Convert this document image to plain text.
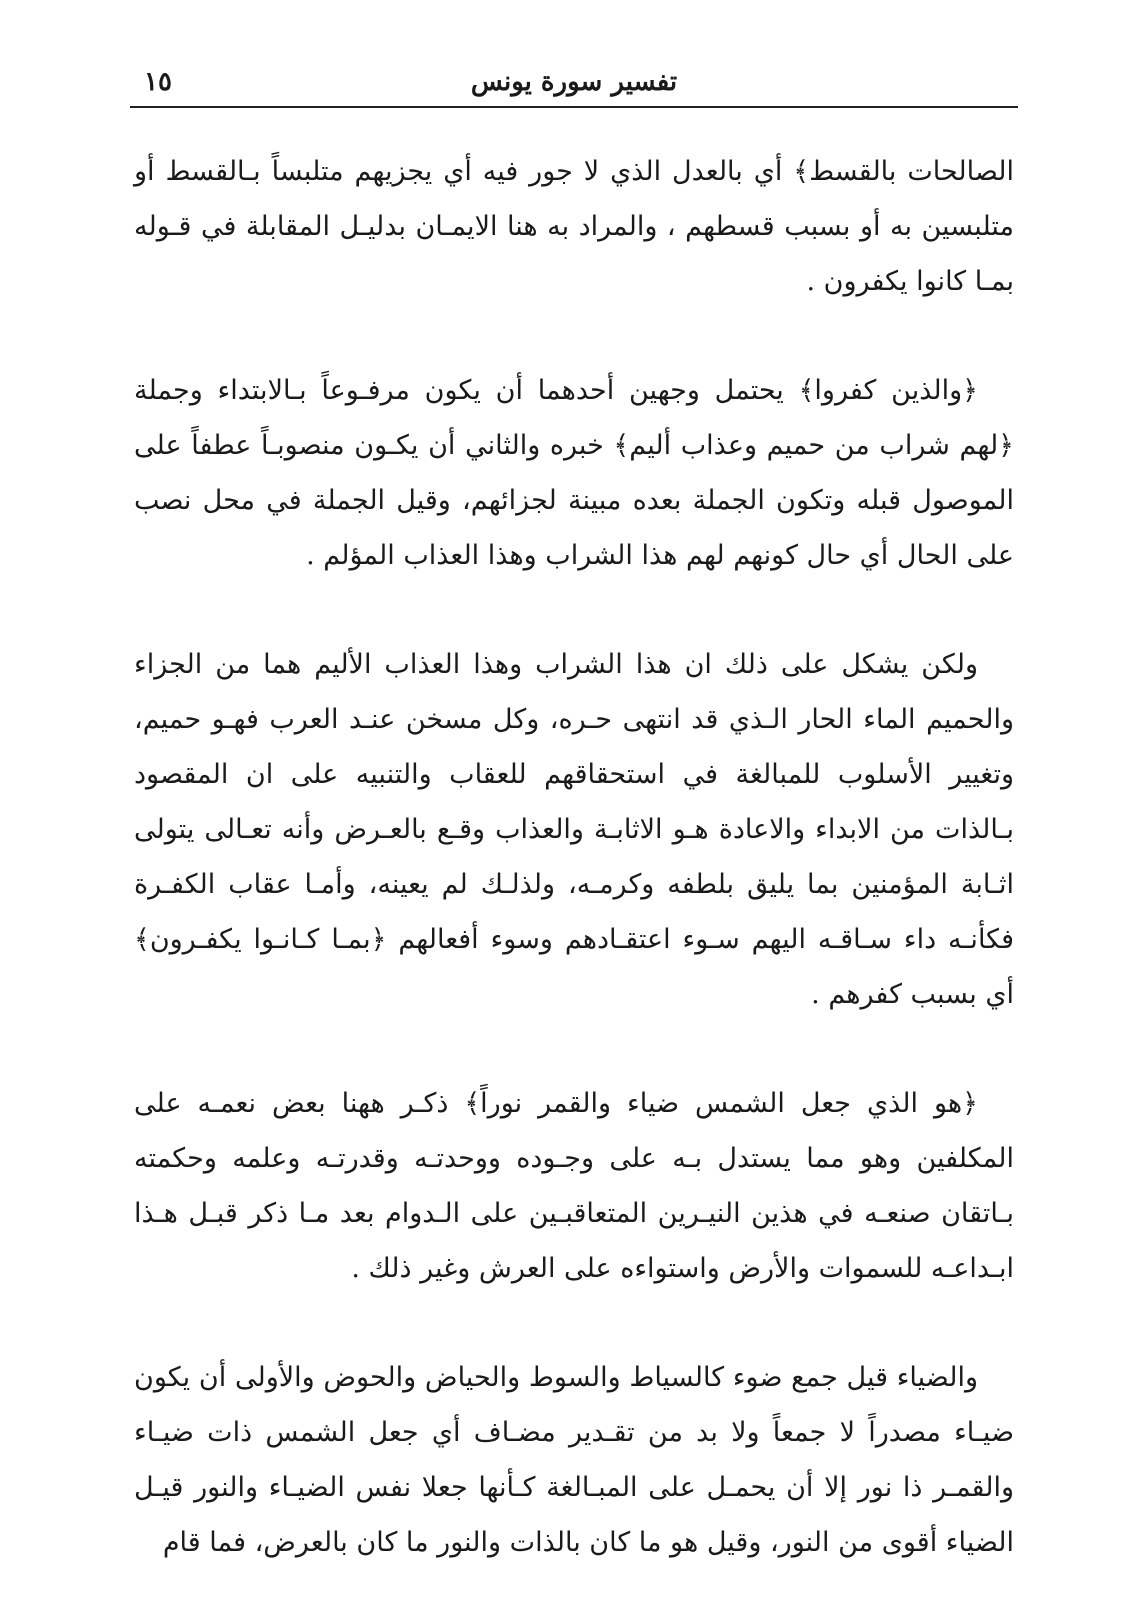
تفسير سورة يونس
١٥

الصالحات بالقسط﴾ أي بالعدل الذي لا جور فيه أي يجزيهم متلبساً بـالقسط أو متلبسين به أو بسبب قسطهم ، والمراد به هنا الايمـان بدليـل المقابلة في قـوله بمـا كانوا يكفرون .

﴿والذين كفروا﴾ يحتمل وجهين أحدهما أن يكون مرفـوعاً بـالابتداء وجملة ﴿لهم شراب من حميم وعذاب أليم﴾ خبره والثاني أن يكـون منصوبـاً عطفاً على الموصول قبله وتكون الجملة بعده مبينة لجزائهم، وقيل الجملة في محل نصب على الحال أي حال كونهم لهم هذا الشراب وهذا العذاب المؤلم .

ولكن يشكل على ذلك ان هذا الشراب وهذا العذاب الأليم هما من الجزاء والحميم الماء الحار الـذي قد انتهى حـره، وكل مسخن عنـد العرب فهـو حميم، وتغيير الأسلوب للمبالغة في استحقاقهم للعقاب والتنبيه على ان المقصود بـالذات من الابداء والاعادة هـو الاثابـة والعذاب وقـع بالعـرض وأنه تعـالى يتولى اثـابة المؤمنين بما يليق بلطفه وكرمـه، ولذلـك لم يعينه، وأمـا عقاب الكفـرة فكأنـه داء سـاقـه اليهم سـوء اعتقـادهم وسوء أفعالهم ﴿بمـا كـانـوا يكفـرون﴾ أي بسبب كفرهم .

﴿هو الذي جعل الشمس ضياء والقمر نوراً﴾ ذكـر ههنا بعض نعمـه على المكلفين وهو مما يستدل بـه على وجـوده ووحدتـه وقدرتـه وعلمه وحكمته بـاتقان صنعـه في هذين النيـرين المتعاقبـين على الـدوام بعد مـا ذكر قبـل هـذا ابـداعـه للسموات والأرض واستواءه على العرش وغير ذلك .

والضياء قيل جمع ضوء كالسياط والسوط والحياض والحوض والأولى أن يكون ضيـاء مصدراً لا جمعاً ولا بد من تقـدير مضـاف أي جعل الشمس ذات ضيـاء والقمـر ذا نور إلا أن يحمـل على المبـالغة كـأنها جعلا نفس الضيـاء والنور قيـل الضياء أقوى من النور، وقيل هو ما كان بالذات والنور ما كان بالعرض، فما قام
